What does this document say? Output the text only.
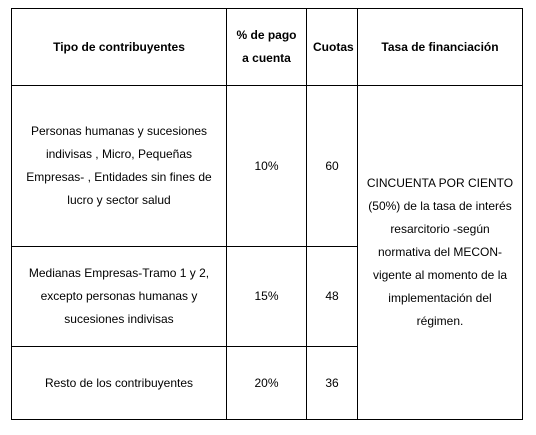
Tipo de contribuyentes	% de pago a cuenta	Cuotas	Tasa de financiación
Personas humanas y sucesiones indivisas , Micro, Pequeñas Empresas- , Entidades sin fines de lucro y sector salud	10%	60	CINCUENTA POR CIENTO (50%) de la tasa de interés resarcitorio -según normativa del MECON- vigente al momento de la implementación del régimen.
Medianas Empresas-Tramo 1 y 2, excepto personas humanas y sucesiones indivisas	15%	48	
Resto de los contribuyentes	20%	36	
